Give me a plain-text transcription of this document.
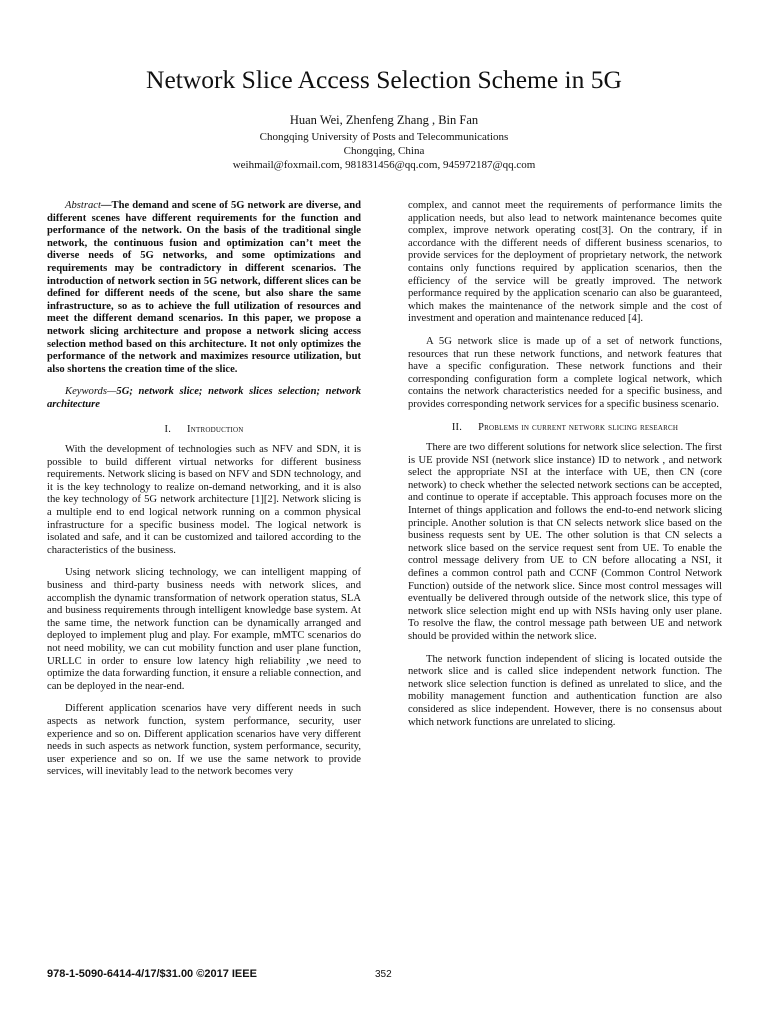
Network Slice Access Selection Scheme in 5G
Huan Wei, Zhenfeng Zhang , Bin Fan
Chongqing University of Posts and Telecommunications
Chongqing, China
weihmail@foxmail.com, 981831456@qq.com, 945972187@qq.com

Abstract—The demand and scene of 5G network are diverse, and different scenes have different requirements for the function and performance of the network. On the basis of the traditional single network, the continuous fusion and optimization can’t meet the diverse needs of 5G networks, and some optimizations and requirements may be contradictory in different scenarios. The introduction of network section in 5G network, different slices can be defined for different needs of the scene, but also share the same infrastructure, so as to achieve the full utilization of resources and meet the different demand scenarios. In this paper, we propose a network slicing architecture and propose a network slicing access selection method based on this architecture. It not only optimizes the performance of the network and maximizes resource utilization, but also shortens the creation time of the slice.

Keywords—5G; network slice; network slices selection; network architecture

I. Introduction

With the development of technologies such as NFV and SDN, it is possible to build different virtual networks for different business requirements. Network slicing is based on NFV and SDN technology, and it is the key technology to realize on-demand networking, and it is also the key technology of 5G network architecture [1][2]. Network slicing is a multiple end to end logical network running on a common physical infrastructure for a specific business model. The logical network is isolated and safe, and it can be customized and tailored according to the characteristics of the business.

Using network slicing technology, we can intelligent mapping of business and third-party business needs with network slices, and accomplish the dynamic transformation of network operation status, SLA and business requirements through intelligent knowledge base system. At the same time, the network function can be dynamically arranged and deployed to implement plug and play. For example, mMTC scenarios do not need mobility, we can cut mobility function and user plane function, URLLC in order to ensure low latency high reliability ,we need to optimize the data forwarding function, it ensure a reliable connection, and can be deployed in the near-end.

Different application scenarios have very different needs in such aspects as network function, system performance, security, user experience and so on. Different application scenarios have very different needs in such aspects as network function, system performance, security, user experience and so on. If we use the same network to provide services, will inevitably lead to the network becomes very

complex, and cannot meet the requirements of performance limits the application needs, but also lead to network maintenance becomes quite complex, improve network operating cost[3]. On the contrary, if in accordance with the different needs of different business scenarios, to provide services for the deployment of proprietary network, the network contains only functions required by application scenarios, then the efficiency of the service will be greatly improved. The network performance required by the application scenario can also be guaranteed, which makes the maintenance of the network simple and the cost of investment and operation and maintenance reduced [4].

A 5G network slice is made up of a set of network functions, resources that run these network functions, and network features that have a specific configuration. These network functions and their corresponding configuration form a complete logical network, which contains the network characteristics needed for a specific business, and provides corresponding network services for a specific business scenario.

II. Problems in current network slicing research

There are two different solutions for network slice selection. The first is UE provide NSI (network slice instance) ID to network , and network select the appropriate NSI at the interface with UE, then CN (core network) to check whether the selected network sections can be accepted, and continue to operate if acceptable. This approach focuses more on the Internet of things application and follows the end-to-end network slicing principle. Another solution is that CN selects network slice based on the business requests sent by UE. The other solution is that CN selects a network slice based on the service request sent from UE. To enable the control message delivery from UE to CN before allocating a NSI, it defines a common control path and CCNF (Common Control Network Function) outside of the network slice. Since most control messages will eventually be delivered through outside of the network slice, this type of network slice selection might end up with NSIs having only user plane. To resolve the flaw, the control message path between UE and network should be provided within the network slice.

The network function independent of slicing is located outside the network slice and is called slice independent network function. The network slice selection function is defined as unrelated to slice, and the mobility management function and authentication function are also considered as slice independent. However, there is no consensus about which network functions are unrelated to slicing.

978-1-5090-6414-4/17/$31.00 ©2017 IEEE	352
